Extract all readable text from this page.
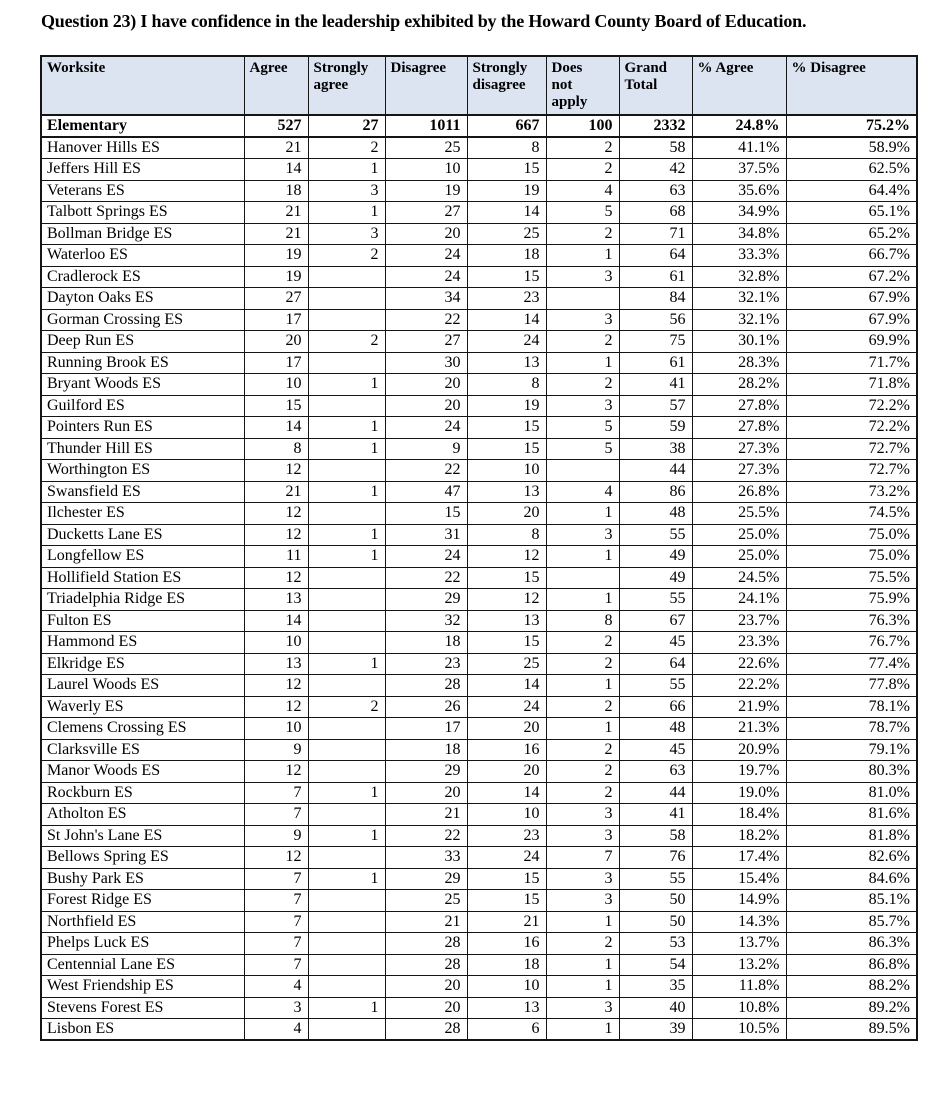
Question 23) I have confidence in the leadership exhibited by the Howard County Board of Education.
Worksite	Agree	Strongly agree	Disagree	Strongly disagree	Does not apply	Grand Total	% Agree	% Disagree
Elementary	527	27	1011	667	100	2332	24.8%	75.2%
Hanover Hills ES	21	2	25	8	2	58	41.1%	58.9%
Jeffers Hill ES	14	1	10	15	2	42	37.5%	62.5%
Veterans ES	18	3	19	19	4	63	35.6%	64.4%
Talbott Springs ES	21	1	27	14	5	68	34.9%	65.1%
Bollman Bridge ES	21	3	20	25	2	71	34.8%	65.2%
Waterloo ES	19	2	24	18	1	64	33.3%	66.7%
Cradlerock ES	19		24	15	3	61	32.8%	67.2%
Dayton Oaks ES	27		34	23		84	32.1%	67.9%
Gorman Crossing ES	17		22	14	3	56	32.1%	67.9%
Deep Run ES	20	2	27	24	2	75	30.1%	69.9%
Running Brook ES	17		30	13	1	61	28.3%	71.7%
Bryant Woods ES	10	1	20	8	2	41	28.2%	71.8%
Guilford ES	15		20	19	3	57	27.8%	72.2%
Pointers Run ES	14	1	24	15	5	59	27.8%	72.2%
Thunder Hill ES	8	1	9	15	5	38	27.3%	72.7%
Worthington ES	12		22	10		44	27.3%	72.7%
Swansfield ES	21	1	47	13	4	86	26.8%	73.2%
Ilchester ES	12		15	20	1	48	25.5%	74.5%
Ducketts Lane ES	12	1	31	8	3	55	25.0%	75.0%
Longfellow ES	11	1	24	12	1	49	25.0%	75.0%
Hollifield Station ES	12		22	15		49	24.5%	75.5%
Triadelphia Ridge ES	13		29	12	1	55	24.1%	75.9%
Fulton ES	14		32	13	8	67	23.7%	76.3%
Hammond ES	10		18	15	2	45	23.3%	76.7%
Elkridge ES	13	1	23	25	2	64	22.6%	77.4%
Laurel Woods ES	12		28	14	1	55	22.2%	77.8%
Waverly ES	12	2	26	24	2	66	21.9%	78.1%
Clemens Crossing ES	10		17	20	1	48	21.3%	78.7%
Clarksville ES	9		18	16	2	45	20.9%	79.1%
Manor Woods ES	12		29	20	2	63	19.7%	80.3%
Rockburn ES	7	1	20	14	2	44	19.0%	81.0%
Atholton ES	7		21	10	3	41	18.4%	81.6%
St John's Lane ES	9	1	22	23	3	58	18.2%	81.8%
Bellows Spring ES	12		33	24	7	76	17.4%	82.6%
Bushy Park ES	7	1	29	15	3	55	15.4%	84.6%
Forest Ridge ES	7		25	15	3	50	14.9%	85.1%
Northfield ES	7		21	21	1	50	14.3%	85.7%
Phelps Luck ES	7		28	16	2	53	13.7%	86.3%
Centennial Lane ES	7		28	18	1	54	13.2%	86.8%
West Friendship ES	4		20	10	1	35	11.8%	88.2%
Stevens Forest ES	3	1	20	13	3	40	10.8%	89.2%
Lisbon ES	4		28	6	1	39	10.5%	89.5%
